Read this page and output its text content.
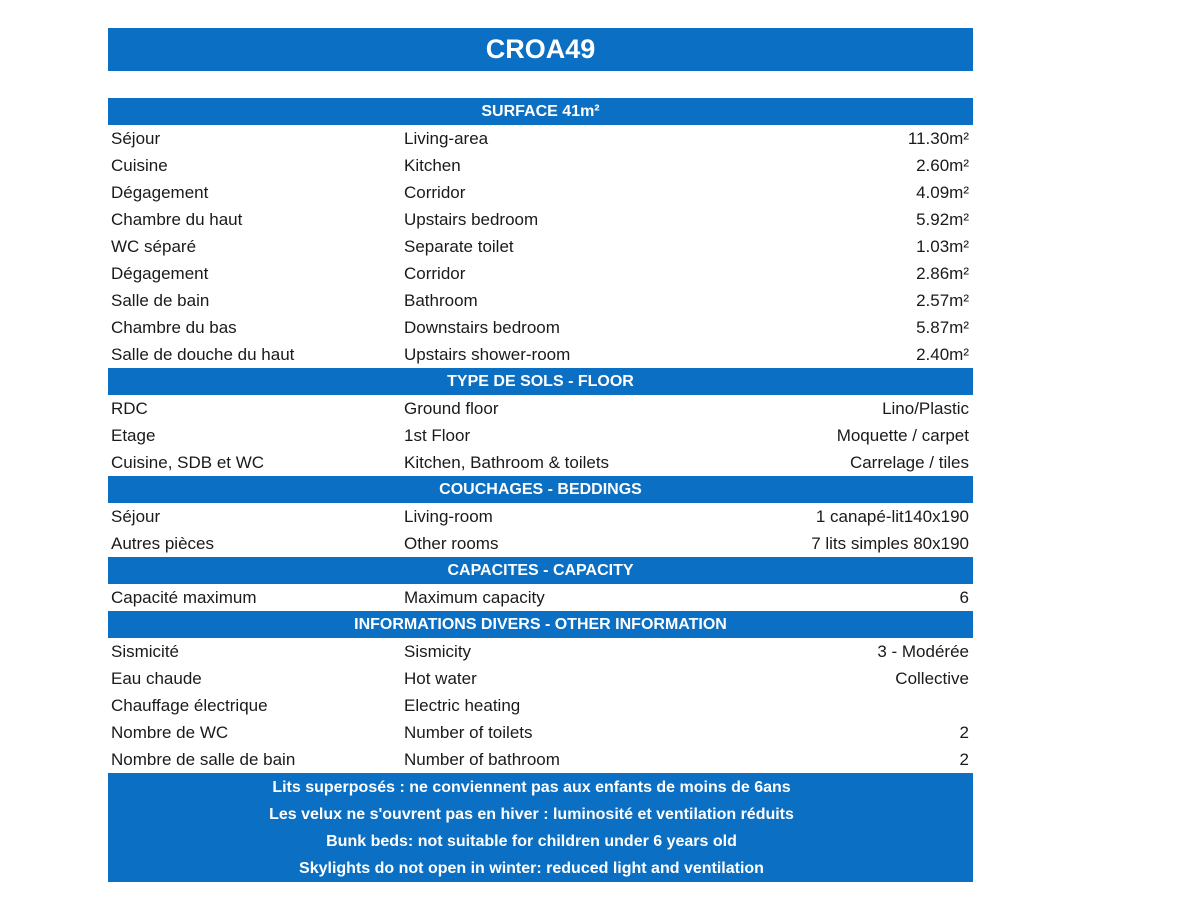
CROA49
SURFACE 41m²
Séjour	Living-area	11.30m²
Cuisine	Kitchen	2.60m²
Dégagement	Corridor	4.09m²
Chambre du haut	Upstairs bedroom	5.92m²
WC séparé	Separate toilet	1.03m²
Dégagement	Corridor	2.86m²
Salle de bain	Bathroom	2.57m²
Chambre du bas	Downstairs bedroom	5.87m²
Salle de douche du haut	Upstairs shower-room	2.40m²
TYPE DE SOLS - FLOOR
RDC	Ground floor	Lino/Plastic
Etage	1st Floor	Moquette / carpet
Cuisine, SDB et WC	Kitchen, Bathroom & toilets	Carrelage / tiles
COUCHAGES - BEDDINGS
Séjour	Living-room	1 canapé-lit140x190
Autres pièces	Other rooms	7 lits simples 80x190
CAPACITES - CAPACITY
Capacité maximum	Maximum capacity	6
INFORMATIONS DIVERS - OTHER INFORMATION
Sismicité	Sismicity	3 - Modérée
Eau chaude	Hot water	Collective
Chauffage électrique	Electric heating
Nombre de WC	Number of toilets	2
Nombre de salle de bain	Number of bathroom	2
Lits superposés : ne conviennent pas aux enfants de moins de 6ans
Les velux ne s'ouvrent pas en hiver : luminosité et ventilation réduits
Bunk beds: not suitable for children under 6 years old
Skylights do not open in winter: reduced light and ventilation
